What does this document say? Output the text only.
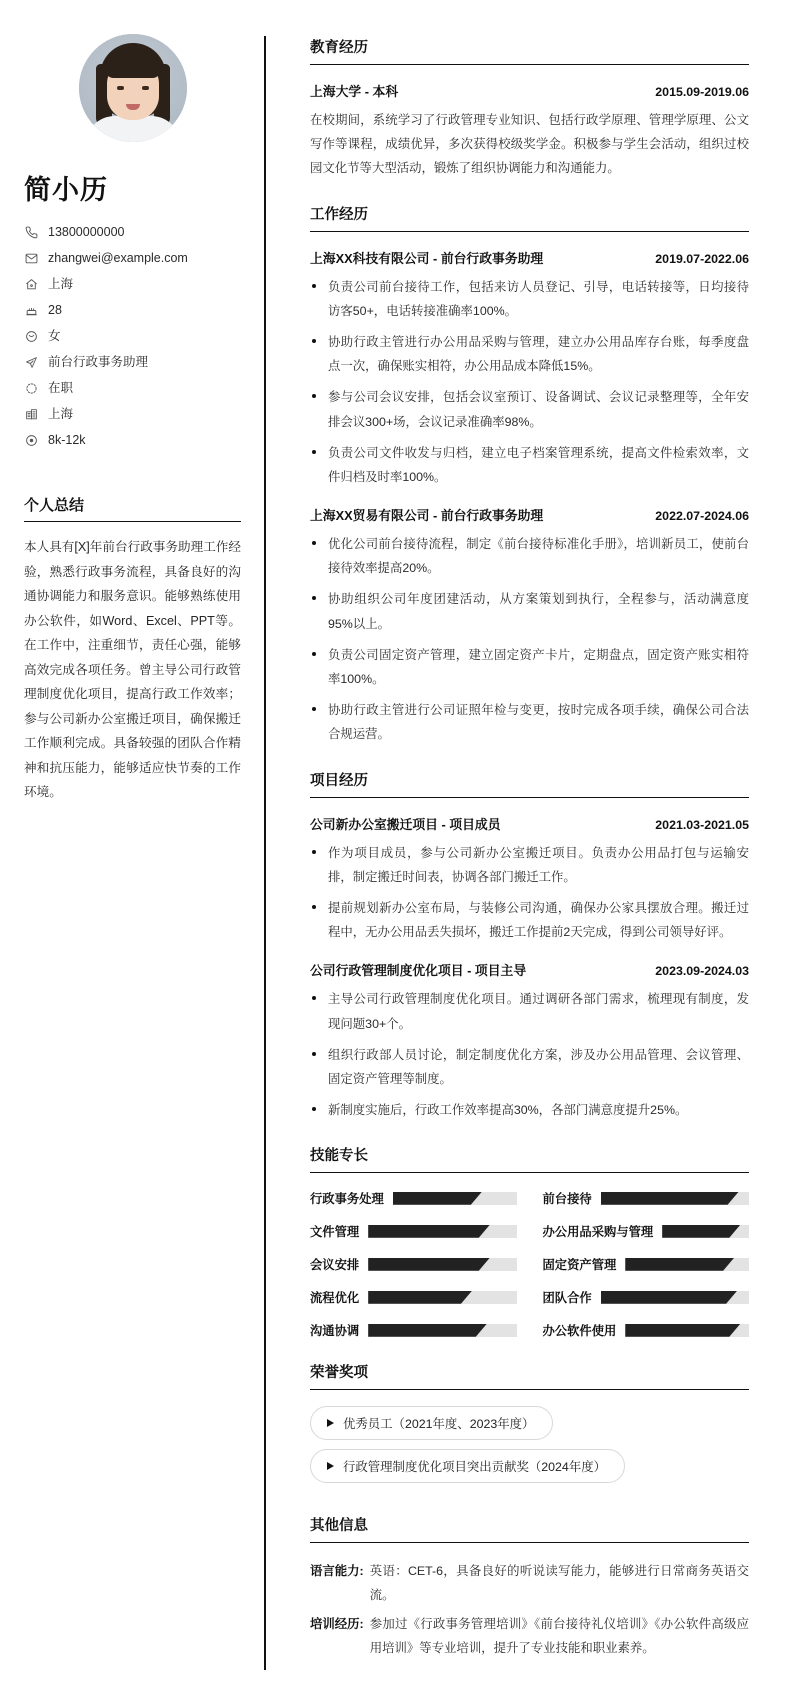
简小历
13800000000
zhangwei@example.com
上海
28
女
前台行政事务助理
在职
上海
8k-12k
个人总结
本人具有[X]年前台行政事务助理工作经验，熟悉行政事务流程，具备良好的沟通协调能力和服务意识。能够熟练使用办公软件，如Word、Excel、PPT等。在工作中，注重细节，责任心强，能够高效完成各项任务。曾主导公司行政管理制度优化项目，提高行政工作效率；参与公司新办公室搬迁项目，确保搬迁工作顺利完成。具备较强的团队合作精神和抗压能力，能够适应快节奏的工作环境。
教育经历
上海大学 - 本科	2015.09-2019.06
在校期间，系统学习了行政管理专业知识、包括行政学原理、管理学原理、公文写作等课程，成绩优异，多次获得校级奖学金。积极参与学生会活动，组织过校园文化节等大型活动，锻炼了组织协调能力和沟通能力。
工作经历
上海XX科技有限公司 - 前台行政事务助理	2019.07-2022.06
负责公司前台接待工作，包括来访人员登记、引导，电话转接等，日均接待访客50+，电话转接准确率100%。
协助行政主管进行办公用品采购与管理，建立办公用品库存台账，每季度盘点一次，确保账实相符，办公用品成本降低15%。
参与公司会议安排，包括会议室预订、设备调试、会议记录整理等，全年安排会议300+场，会议记录准确率98%。
负责公司文件收发与归档，建立电子档案管理系统，提高文件检索效率，文件归档及时率100%。
上海XX贸易有限公司 - 前台行政事务助理	2022.07-2024.06
优化公司前台接待流程，制定《前台接待标准化手册》，培训新员工，使前台接待效率提高20%。
协助组织公司年度团建活动，从方案策划到执行，全程参与，活动满意度95%以上。
负责公司固定资产管理，建立固定资产卡片，定期盘点，固定资产账实相符率100%。
协助行政主管进行公司证照年检与变更，按时完成各项手续，确保公司合法合规运营。
项目经历
公司新办公室搬迁项目 - 项目成员	2021.03-2021.05
作为项目成员，参与公司新办公室搬迁项目。负责办公用品打包与运输安排，制定搬迁时间表，协调各部门搬迁工作。
提前规划新办公室布局，与装修公司沟通，确保办公家具摆放合理。搬迁过程中，无办公用品丢失损坏，搬迁工作提前2天完成，得到公司领导好评。
公司行政管理制度优化项目 - 项目主导	2023.09-2024.03
主导公司行政管理制度优化项目。通过调研各部门需求，梳理现有制度，发现问题30+个。
组织行政部人员讨论，制定制度优化方案，涉及办公用品管理、会议管理、固定资产管理等制度。
新制度实施后，行政工作效率提高30%，各部门满意度提升25%。
技能专长
行政事务处理	前台接待
文件管理	办公用品采购与管理
会议安排	固定资产管理
流程优化	团队合作
沟通协调	办公软件使用
荣誉奖项
优秀员工（2021年度、2023年度）
行政管理制度优化项目突出贡献奖（2024年度）
其他信息
语言能力: 英语：CET-6，具备良好的听说读写能力，能够进行日常商务英语交流。
培训经历: 参加过《行政事务管理培训》《前台接待礼仪培训》《办公软件高级应用培训》等专业培训，提升了专业技能和职业素养。
